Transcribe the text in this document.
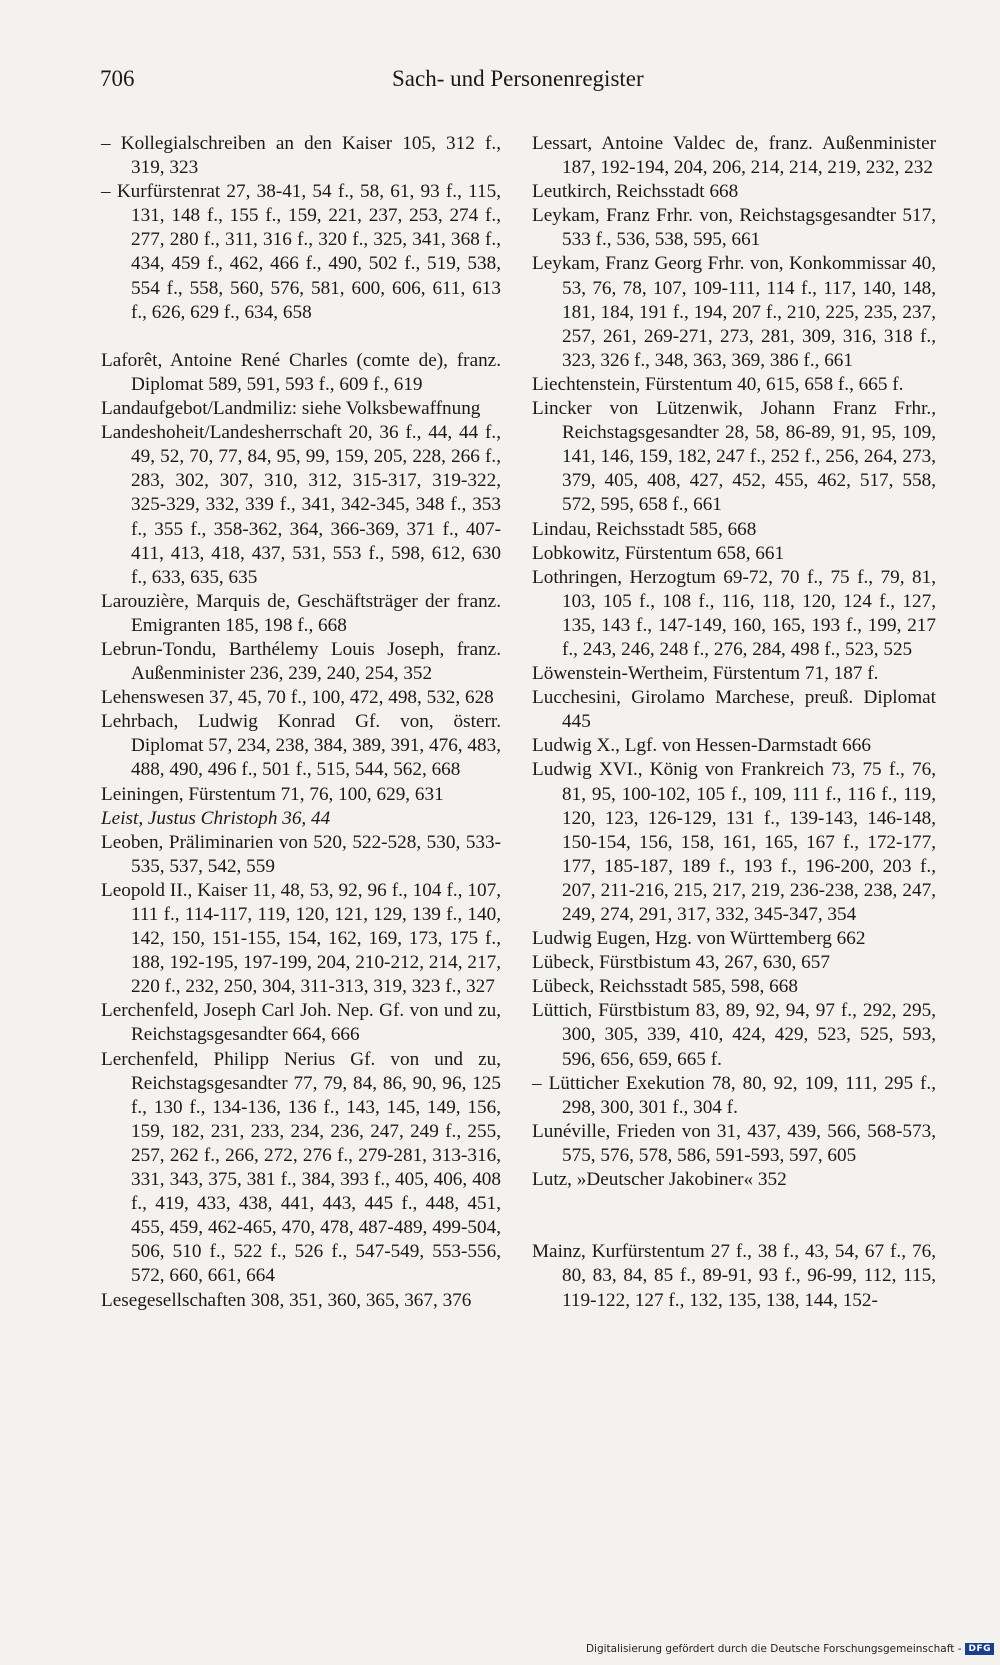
706	Sach- und Personenregister
– Kollegialschreiben an den Kaiser 105, 312 f., 319, 323
– Kurfürstenrat 27, 38-41, 54 f., 58, 61, 93 f., 115, 131, 148 f., 155 f., 159, 221, 237, 253, 274 f., 277, 280 f., 311, 316 f., 320 f., 325, 341, 368 f., 434, 459 f., 462, 466 f., 490, 502 f., 519, 538, 554 f., 558, 560, 576, 581, 600, 606, 611, 613 f., 626, 629 f., 634, 658
Laforêt, Antoine René Charles (comte de), franz. Diplomat 589, 591, 593 f., 609 f., 619
Landaufgebot/Landmiliz: siehe Volksbewaffnung
Landeshoheit/Landesherrschaft 20, 36 f., 44, 44 f., 49, 52, 70, 77, 84, 95, 99, 159, 205, 228, 266 f., 283, 302, 307, 310, 312, 315-317, 319-322, 325-329, 332, 339 f., 341, 342-345, 348 f., 353 f., 355 f., 358-362, 364, 366-369, 371 f., 407-411, 413, 418, 437, 531, 553 f., 598, 612, 630 f., 633, 635, 635
Larouzière, Marquis de, Geschäftsträger der franz. Emigranten 185, 198 f., 668
Lebrun-Tondu, Barthélemy Louis Joseph, franz. Außenminister 236, 239, 240, 254, 352
Lehenswesen 37, 45, 70 f., 100, 472, 498, 532, 628
Lehrbach, Ludwig Konrad Gf. von, österr. Diplomat 57, 234, 238, 384, 389, 391, 476, 483, 488, 490, 496 f., 501 f., 515, 544, 562, 668
Leiningen, Fürstentum 71, 76, 100, 629, 631
Leist, Justus Christoph 36, 44
Leoben, Präliminarien von 520, 522-528, 530, 533-535, 537, 542, 559
Leopold II., Kaiser 11, 48, 53, 92, 96 f., 104 f., 107, 111 f., 114-117, 119, 120, 121, 129, 139 f., 140, 142, 150, 151-155, 154, 162, 169, 173, 175 f., 188, 192-195, 197-199, 204, 210-212, 214, 217, 220 f., 232, 250, 304, 311-313, 319, 323 f., 327
Lerchenfeld, Joseph Carl Joh. Nep. Gf. von und zu, Reichstagsgesandter 664, 666
Lerchenfeld, Philipp Nerius Gf. von und zu, Reichstagsgesandter 77, 79, 84, 86, 90, 96, 125 f., 130 f., 134-136, 136 f., 143, 145, 149, 156, 159, 182, 231, 233, 234, 236, 247, 249 f., 255, 257, 262 f., 266, 272, 276 f., 279-281, 313-316, 331, 343, 375, 381 f., 384, 393 f., 405, 406, 408 f., 419, 433, 438, 441, 443, 445 f., 448, 451, 455, 459, 462-465, 470, 478, 487-489, 499-504, 506, 510 f., 522 f., 526 f., 547-549, 553-556, 572, 660, 661, 664
Lesegesellschaften 308, 351, 360, 365, 367, 376
Lessart, Antoine Valdec de, franz. Außenminister 187, 192-194, 204, 206, 214, 214, 219, 232, 232
Leutkirch, Reichsstadt 668
Leykam, Franz Frhr. von, Reichstagsgesandter 517, 533 f., 536, 538, 595, 661
Leykam, Franz Georg Frhr. von, Konkommissar 40, 53, 76, 78, 107, 109-111, 114 f., 117, 140, 148, 181, 184, 191 f., 194, 207 f., 210, 225, 235, 237, 257, 261, 269-271, 273, 281, 309, 316, 318 f., 323, 326 f., 348, 363, 369, 386 f., 661
Liechtenstein, Fürstentum 40, 615, 658 f., 665 f.
Lincker von Lützenwik, Johann Franz Frhr., Reichstagsgesandter 28, 58, 86-89, 91, 95, 109, 141, 146, 159, 182, 247 f., 252 f., 256, 264, 273, 379, 405, 408, 427, 452, 455, 462, 517, 558, 572, 595, 658 f., 661
Lindau, Reichsstadt 585, 668
Lobkowitz, Fürstentum 658, 661
Lothringen, Herzogtum 69-72, 70 f., 75 f., 79, 81, 103, 105 f., 108 f., 116, 118, 120, 124 f., 127, 135, 143 f., 147-149, 160, 165, 193 f., 199, 217 f., 243, 246, 248 f., 276, 284, 498 f., 523, 525
Löwenstein-Wertheim, Fürstentum 71, 187 f.
Lucchesini, Girolamo Marchese, preuß. Diplomat 445
Ludwig X., Lgf. von Hessen-Darmstadt 666
Ludwig XVI., König von Frankreich 73, 75 f., 76, 81, 95, 100-102, 105 f., 109, 111 f., 116 f., 119, 120, 123, 126-129, 131 f., 139-143, 146-148, 150-154, 156, 158, 161, 165, 167 f., 172-177, 177, 185-187, 189 f., 193 f., 196-200, 203 f., 207, 211-216, 215, 217, 219, 236-238, 238, 247, 249, 274, 291, 317, 332, 345-347, 354
Ludwig Eugen, Hzg. von Württemberg 662
Lübeck, Fürstbistum 43, 267, 630, 657
Lübeck, Reichsstadt 585, 598, 668
Lüttich, Fürstbistum 83, 89, 92, 94, 97 f., 292, 295, 300, 305, 339, 410, 424, 429, 523, 525, 593, 596, 656, 659, 665 f.
– Lütticher Exekution 78, 80, 92, 109, 111, 295 f., 298, 300, 301 f., 304 f.
Lunéville, Frieden von 31, 437, 439, 566, 568-573, 575, 576, 578, 586, 591-593, 597, 605
Lutz, »Deutscher Jakobiner« 352
Mainz, Kurfürstentum 27 f., 38 f., 43, 54, 67 f., 76, 80, 83, 84, 85 f., 89-91, 93 f., 96-99, 112, 115, 119-122, 127 f., 132, 135, 138, 144, 152-
Digitalisierung gefördert durch die Deutsche Forschungsgemeinschaft - DFG
